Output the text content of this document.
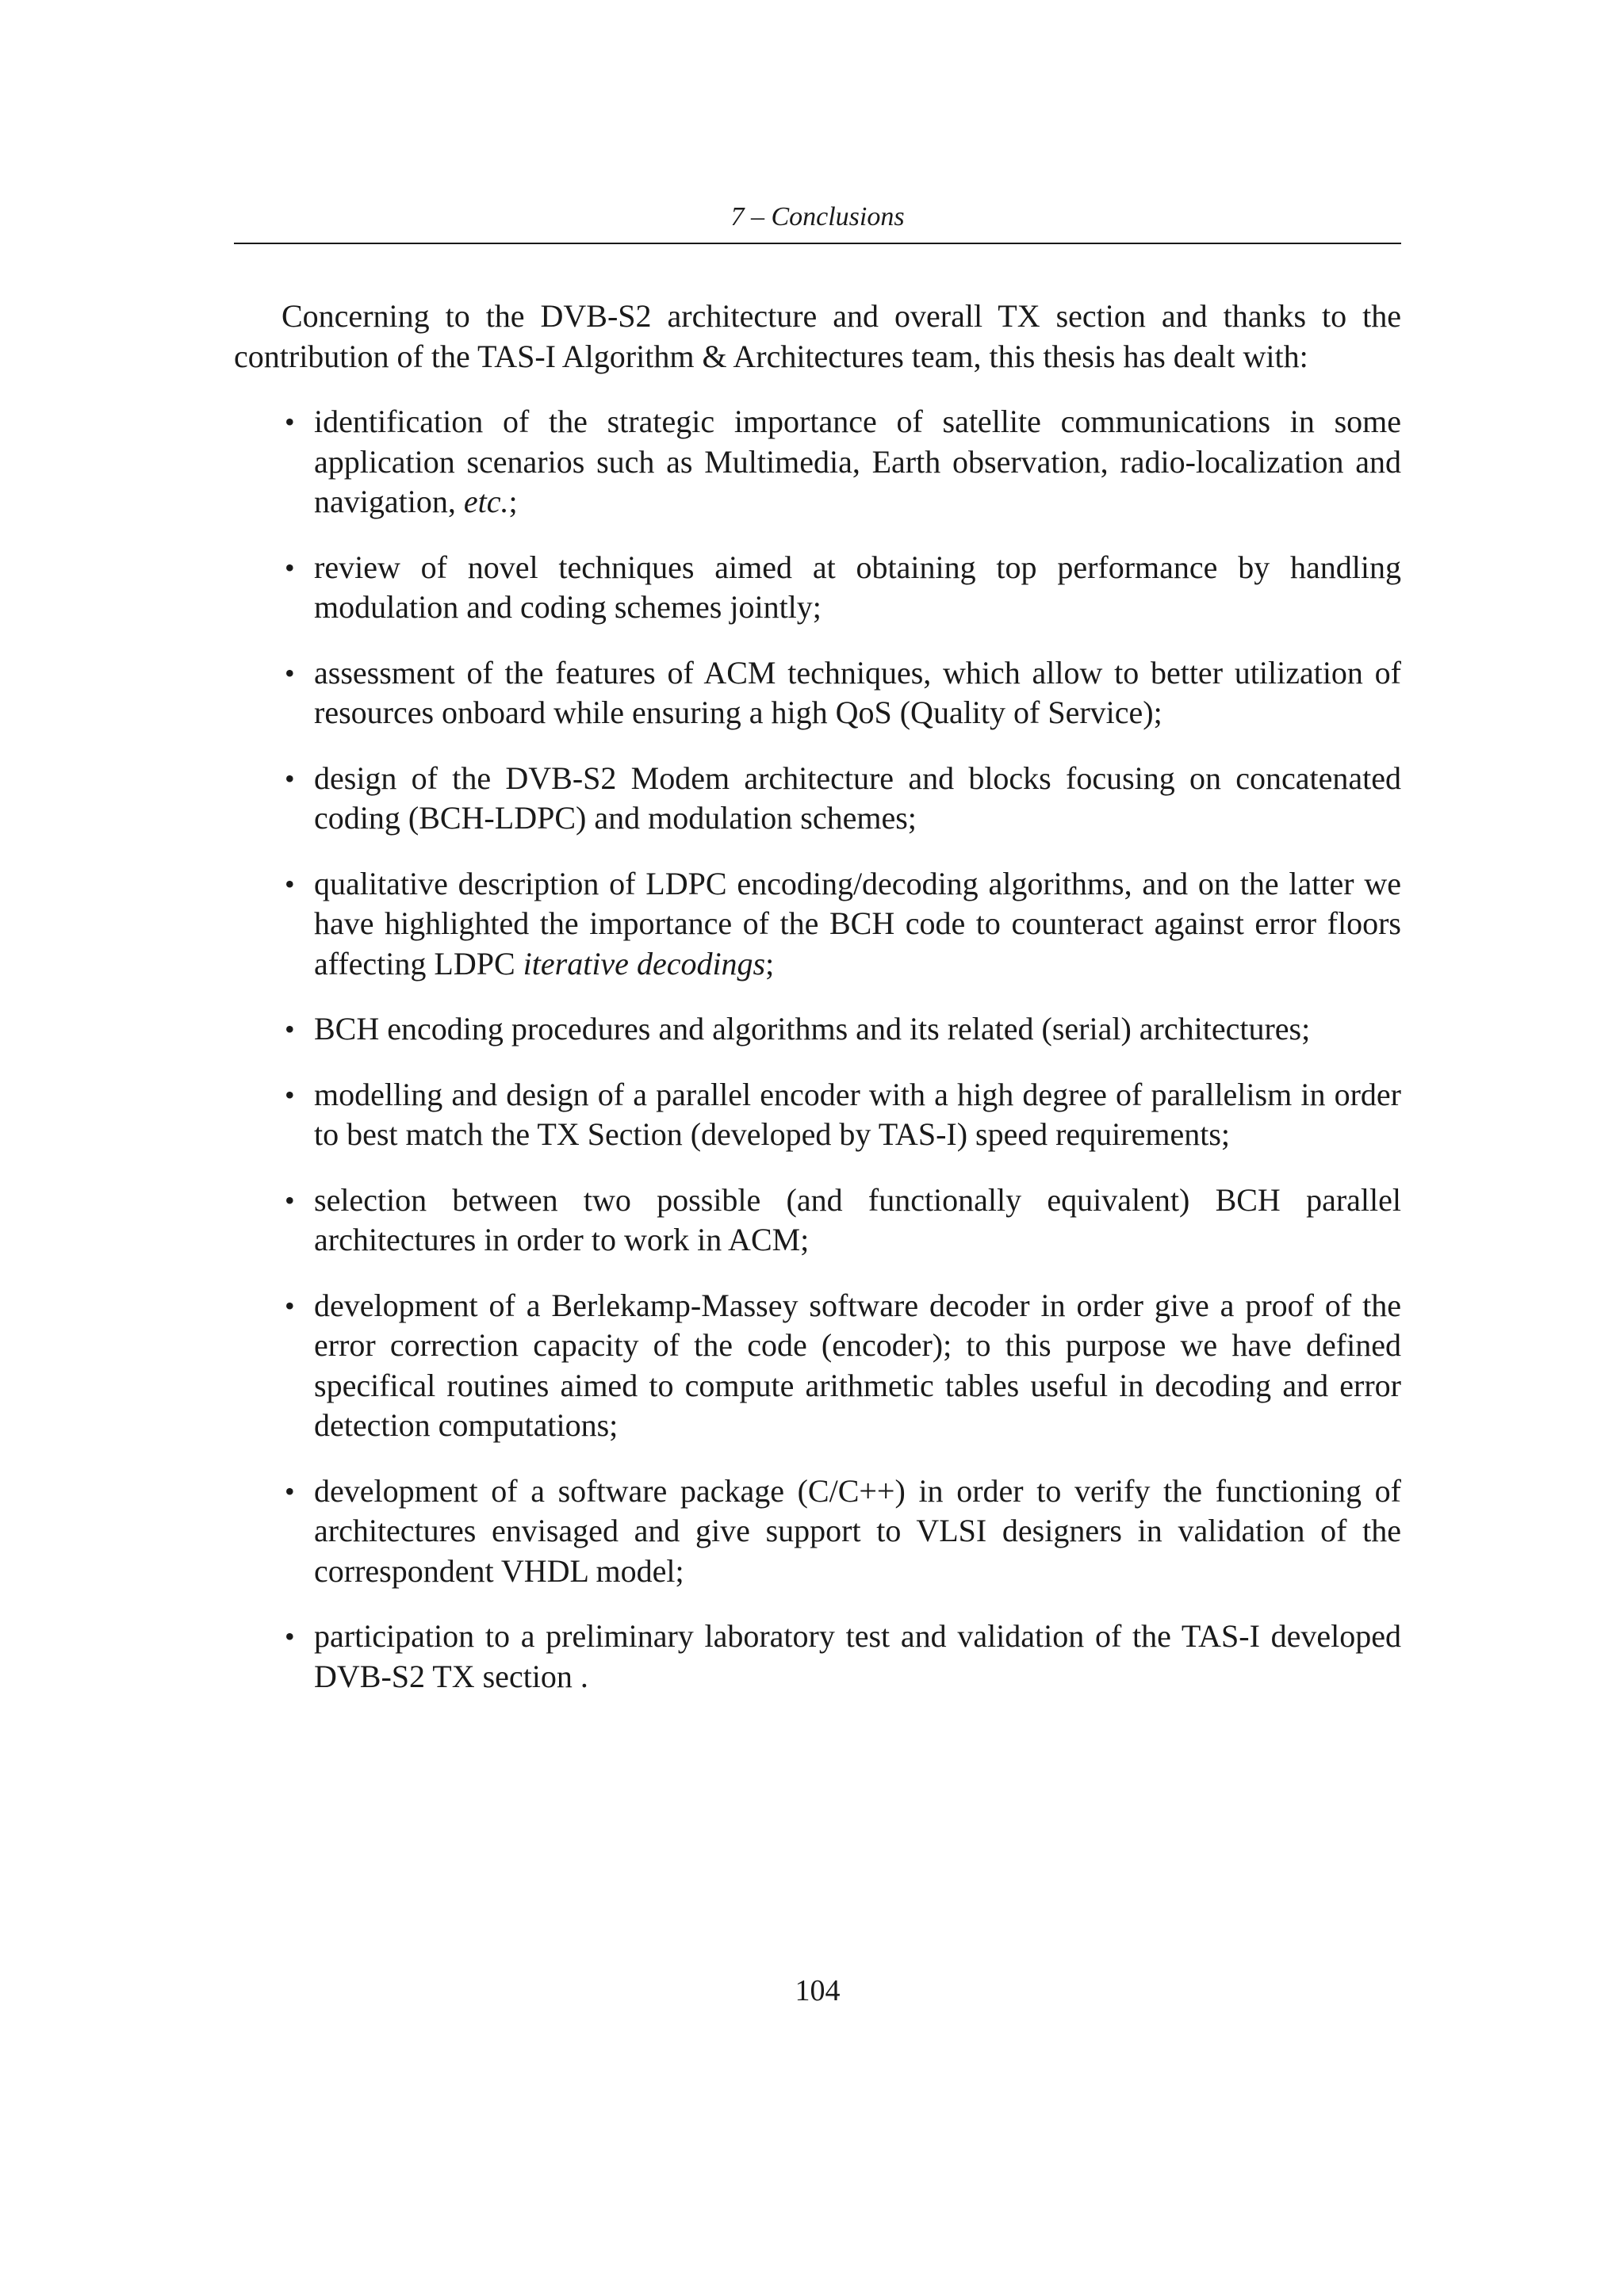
7 – Conclusions

Concerning to the DVB-S2 architecture and overall TX section and thanks to the contribution of the TAS-I Algorithm & Architectures team, this thesis has dealt with:

• identification of the strategic importance of satellite communications in some application scenarios such as Multimedia, Earth observation, radio-localization and navigation, etc.;
• review of novel techniques aimed at obtaining top performance by handling modulation and coding schemes jointly;
• assessment of the features of ACM techniques, which allow to better utilization of resources onboard while ensuring a high QoS (Quality of Service);
• design of the DVB-S2 Modem architecture and blocks focusing on concatenated coding (BCH-LDPC) and modulation schemes;
• qualitative description of LDPC encoding/decoding algorithms, and on the latter we have highlighted the importance of the BCH code to counteract against error floors affecting LDPC iterative decodings;
• BCH encoding procedures and algorithms and its related (serial) architectures;
• modelling and design of a parallel encoder with a high degree of parallelism in order to best match the TX Section (developed by TAS-I) speed requirements;
• selection between two possible (and functionally equivalent) BCH parallel architectures in order to work in ACM;
• development of a Berlekamp-Massey software decoder in order give a proof of the error correction capacity of the code (encoder); to this purpose we have defined specifical routines aimed to compute arithmetic tables useful in decoding and error detection computations;
• development of a software package (C/C++) in order to verify the functioning of architectures envisaged and give support to VLSI designers in validation of the correspondent VHDL model;
• participation to a preliminary laboratory test and validation of the TAS-I developed DVB-S2 TX section .
104
